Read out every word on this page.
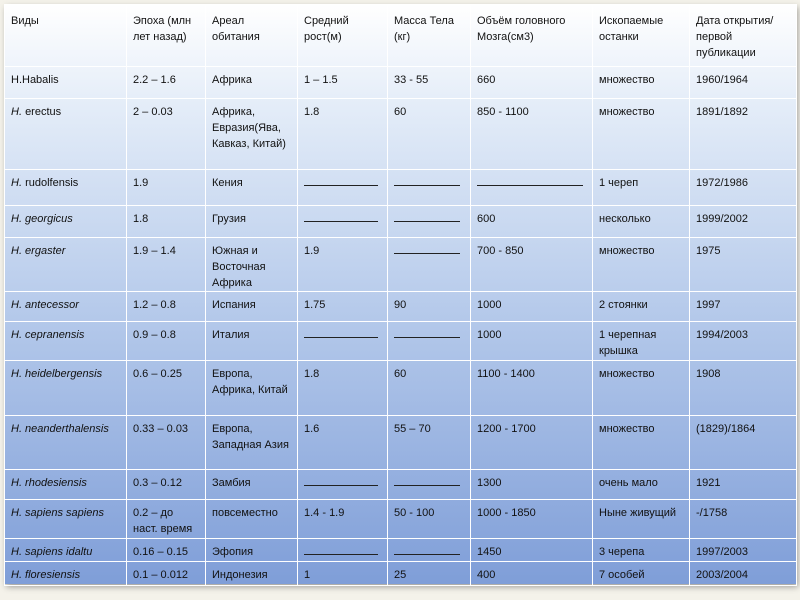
Виды	Эпоха (млн лет назад)	Ареал обитания	Средний рост(м)	Масса Тела (кг)	Объём головного Мозга(см3)	Ископаемые останки	Дата открытия/первой публикации
H.Habalis	2.2 – 1.6	Африка	1 – 1.5	33 - 55	660	множество	1960/1964
H. erectus	2 – 0.03	Африка, Евразия(Ява, Кавказ, Китай)	1.8	60	850 - 1100	множество	1891/1892
H. rudolfensis	1.9	Кения				1 череп	1972/1986
H. georgicus	1.8	Грузия			600	несколько	1999/2002
H. ergaster	1.9 – 1.4	Южная и Восточная Африка	1.9		700 - 850	множество	1975
H. antecessor	1.2 – 0.8	Испания	1.75	90	1000	2 стоянки	1997
H. cepranensis	0.9 – 0.8	Италия			1000	1 черепная крышка	1994/2003
H. heidelbergensis	0.6 – 0.25	Европа, Африка, Китай	1.8	60	1100 - 1400	множество	1908
H. neanderthalensis	0.33 – 0.03	Европа, Западная Азия	1.6	55 – 70	1200 - 1700	множество	(1829)/1864
H. rhodesiensis	0.3 – 0.12	Замбия			1300	очень мало	1921
H. sapiens sapiens	0.2 – до наст. время	повсеместно	1.4 - 1.9	50 - 100	1000 - 1850	Ныне живущий	-/1758
H. sapiens idaltu	0.16 – 0.15	Эфопия			1450	3 черепа	1997/2003
H. floresiensis	0.1 – 0.012	Индонезия	1	25	400	7 особей	2003/2004
